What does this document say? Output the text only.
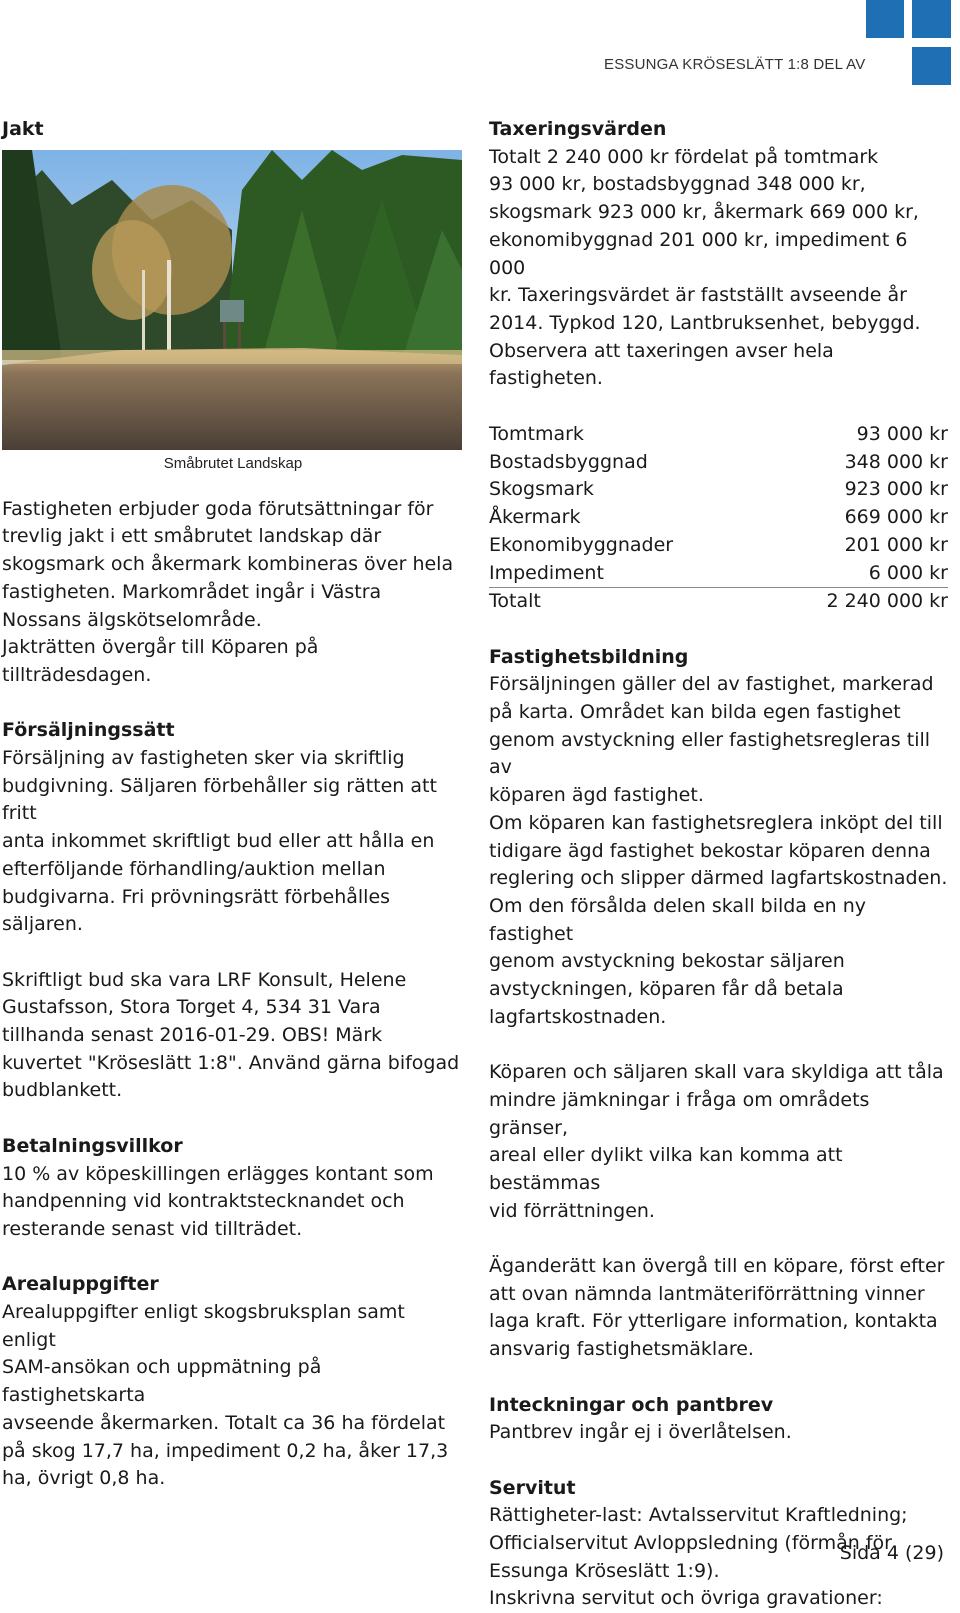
ESSUNGA KRÖSESLÄTT 1:8 DEL AV
Jakt
Småbrutet Landskap

Fastigheten erbjuder goda förutsättningar för

trevlig jakt i ett småbrutet landskap där

skogsmark och åkermark kombineras över hela

fastigheten. Markområdet ingår i Västra

Nossans älgskötselområde.

Jakträtten övergår till Köparen på

tillträdesdagen.

Försäljningssätt

Försäljning av fastigheten sker via skriftlig

budgivning. Säljaren förbehåller sig rätten att fritt

anta inkommet skriftligt bud eller att hålla en

efterföljande förhandling/auktion mellan

budgivarna. Fri prövningsrätt förbehålles

säljaren.

Skriftligt bud ska vara LRF Konsult, Helene

Gustafsson, Stora Torget 4, 534 31 Vara

tillhanda senast 2016-01-29. OBS! Märk

kuvertet "Kröseslätt 1:8". Använd gärna bifogad

budblankett.

Betalningsvillkor

10 % av köpeskillingen erlägges kontant som

handpenning vid kontraktstecknandet och

resterande senast vid tillträdet.

Arealuppgifter

Arealuppgifter enligt skogsbruksplan samt enligt

SAM-ansökan och uppmätning på fastighetskarta

avseende åkermarken. Totalt ca 36 ha fördelat

på skog 17,7 ha, impediment 0,2 ha, åker 17,3

ha, övrigt 0,8 ha.

Taxeringsvärden

Totalt 2 240 000 kr fördelat på tomtmark

93 000 kr, bostadsbyggnad 348 000 kr,

skogsmark 923 000 kr, åkermark 669 000 kr,

ekonomibyggnad 201 000 kr, impediment 6 000

kr. Taxeringsvärdet är fastställt avseende år

2014. Typkod 120, Lantbruksenhet, bebyggd.

Observera att taxeringen avser hela fastigheten.

Tomtmark	93 000 kr
Bostadsbyggnad	348 000 kr
Skogsmark	923 000 kr
Åkermark	669 000 kr
Ekonomibyggnader	201 000 kr
Impediment	6 000 kr
Totalt	2 240 000 kr
Fastighetsbildning

Försäljningen gäller del av fastighet, markerad

på karta. Området kan bilda egen fastighet

genom avstyckning eller fastighetsregleras till av

köparen ägd fastighet.

Om köparen kan fastighetsreglera inköpt del till

tidigare ägd fastighet bekostar köparen denna

reglering och slipper därmed lagfartskostnaden.

Om den försålda delen skall bilda en ny fastighet

genom avstyckning bekostar säljaren

avstyckningen, köparen får då betala

lagfartskostnaden.

Köparen och säljaren skall vara skyldiga att tåla

mindre jämkningar i fråga om områdets gränser,

areal eller dylikt vilka kan komma att bestämmas

vid förrättningen.

Äganderätt kan övergå till en köpare, först efter

att ovan nämnda lantmäteriförrättning vinner

laga kraft. För ytterligare information, kontakta

ansvarig fastighetsmäklare.

Inteckningar och pantbrev

Pantbrev ingår ej i överlåtelsen.

Servitut

Rättigheter-last: Avtalsservitut Kraftledning;

Officialservitut Avloppsledning (förmån för

Essunga Kröseslätt 1:9).

Inskrivna servitut och övriga gravationer:

Sida 4 (29)
